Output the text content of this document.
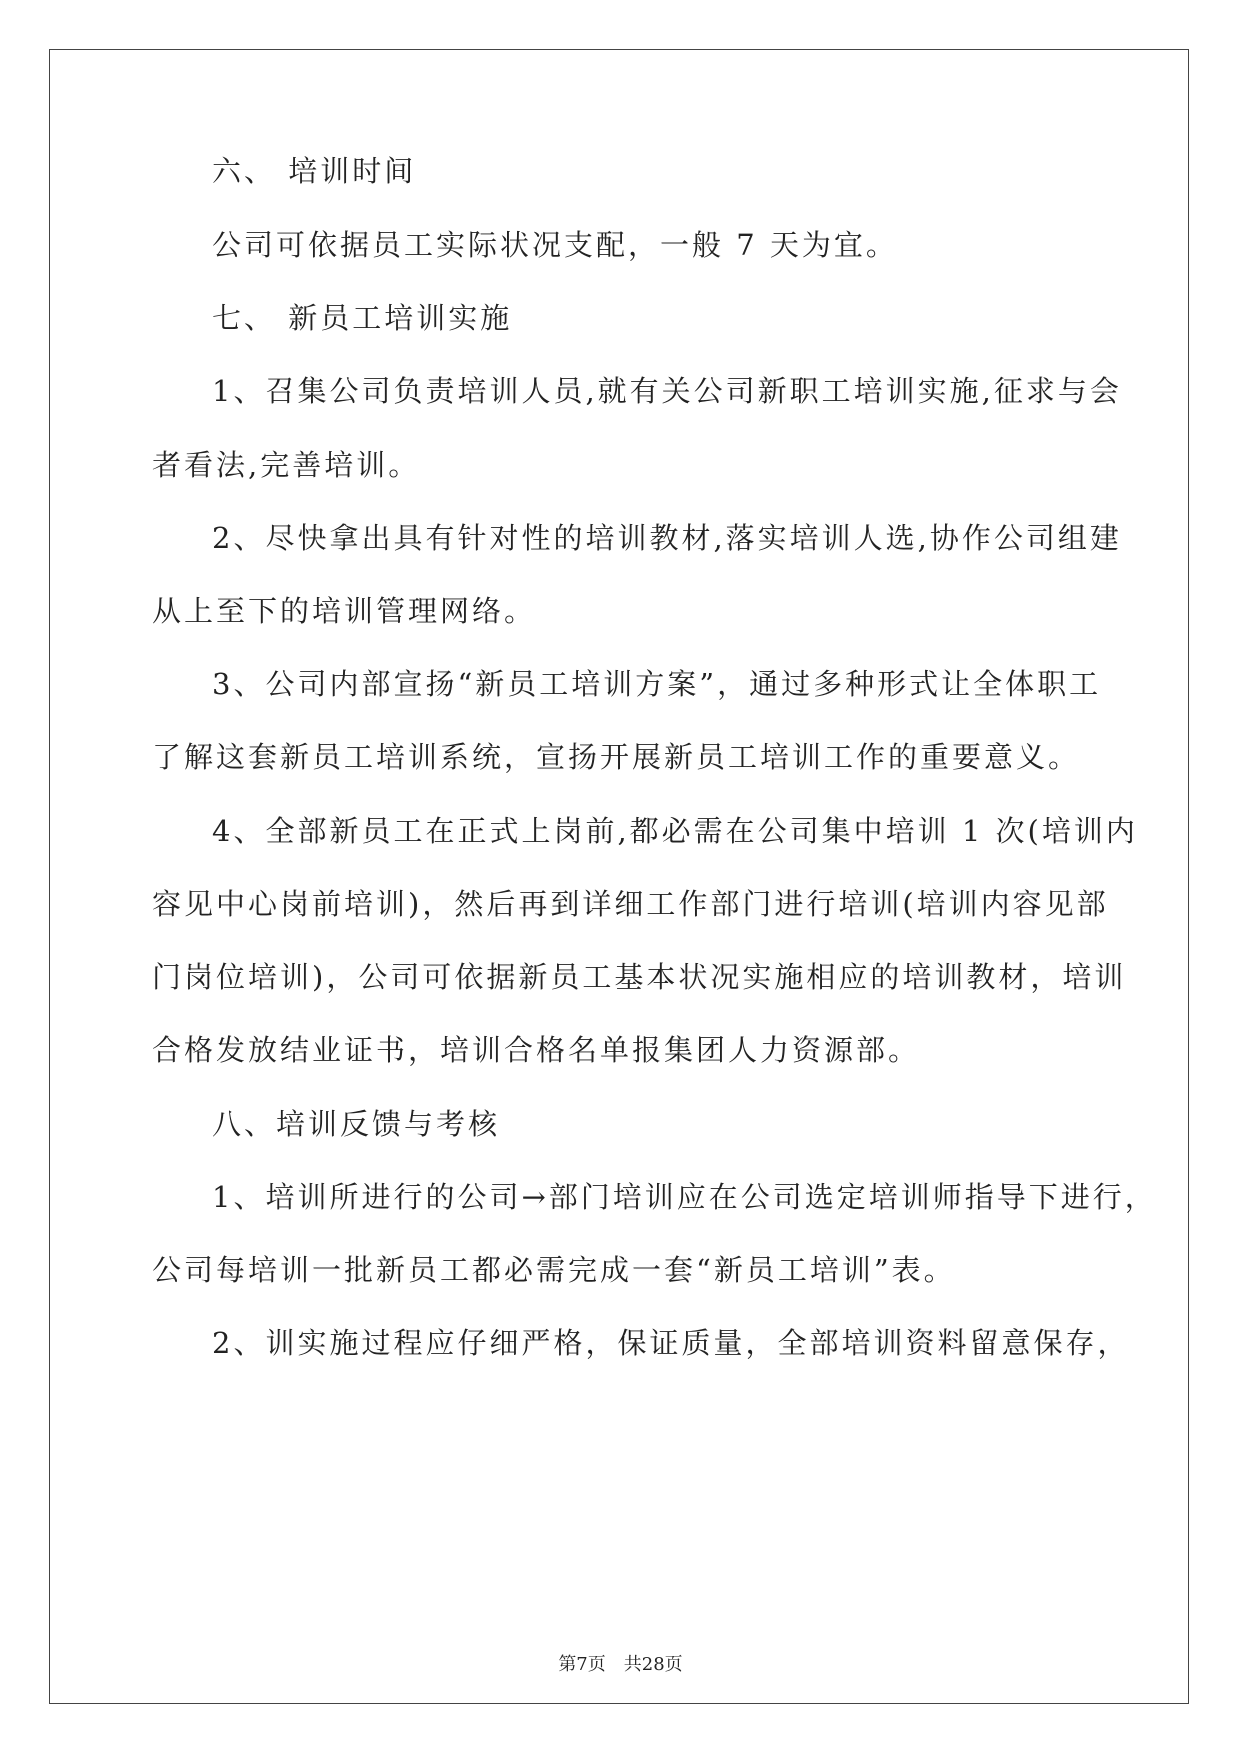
六、 培训时间
公司可依据员工实际状况支配，一般 7 天为宜。
七、 新员工培训实施
1、召集公司负责培训人员,就有关公司新职工培训实施,征求与会
者看法,完善培训。
2、尽快拿出具有针对性的培训教材,落实培训人选,协作公司组建
从上至下的培训管理网络。
3、公司内部宣扬“新员工培训方案”，通过多种形式让全体职工
了解这套新员工培训系统，宣扬开展新员工培训工作的重要意义。
4、全部新员工在正式上岗前,都必需在公司集中培训 1 次(培训内
容见中心岗前培训)，然后再到详细工作部门进行培训(培训内容见部
门岗位培训)，公司可依据新员工基本状况实施相应的培训教材，培训
合格发放结业证书，培训合格名单报集团人力资源部。
八、培训反馈与考核
1、培训所进行的公司→部门培训应在公司选定培训师指导下进行，
公司每培训一批新员工都必需完成一套“新员工培训”表。
2、训实施过程应仔细严格，保证质量，全部培训资料留意保存，
第7页　共28页
